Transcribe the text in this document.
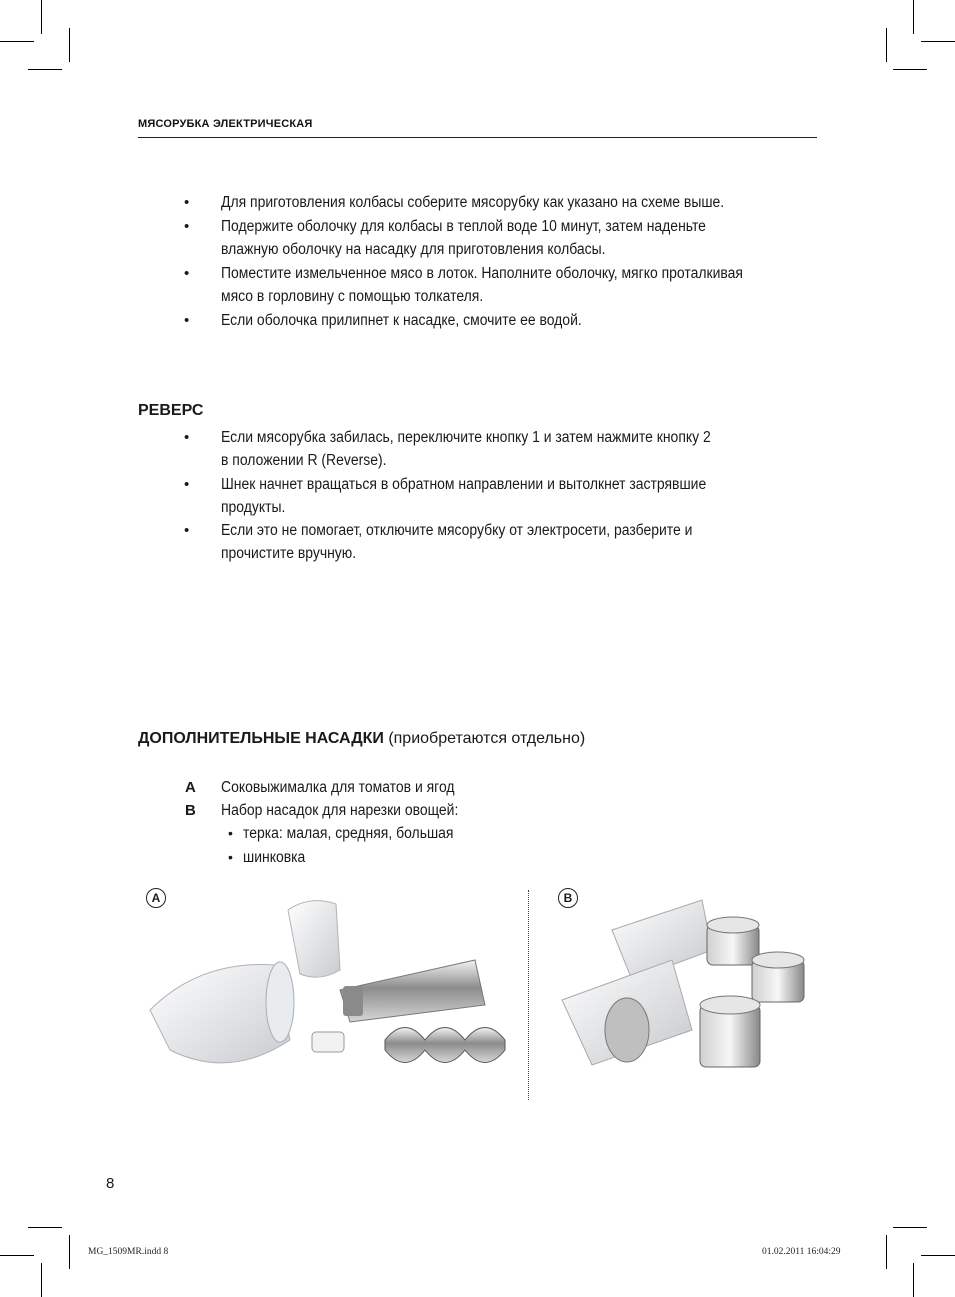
МЯСОРУБКА ЭЛЕКТРИЧЕСКАЯ
• Для приготовления колбасы соберите мясорубку как указано на схеме выше.
• Подержите оболочку для колбасы в теплой воде 10 минут, затем наденьте
влажную оболочку на насадку для приготовления колбасы.
• Поместите измельченное мясо в лоток. Наполните оболочку, мягко проталкивая
мясо в горловину с помощью толкателя.
• Если оболочка прилипнет к насадке, смочите ее водой.
РЕВЕРС
• Если мясорубка забилась, переключите кнопку 1 и затем нажмите кнопку 2
в положении R (Reverse).
• Шнек начнет вращаться в обратном направлении и вытолкнет застрявшие
продукты.
• Если это не помогает, отключите мясорубку от электросети, разберите и
прочистите вручную.
ДОПОЛНИТЕЛЬНЫЕ НАСАДКИ (приобретаются отдельно)
A Соковыжималка для томатов и ягод
B Набор насадок для нарезки овощей:
• терка: малая, средняя, большая
• шинковка
A	B
8
MG_1509MR.indd 8	01.02.2011 16:04:29
